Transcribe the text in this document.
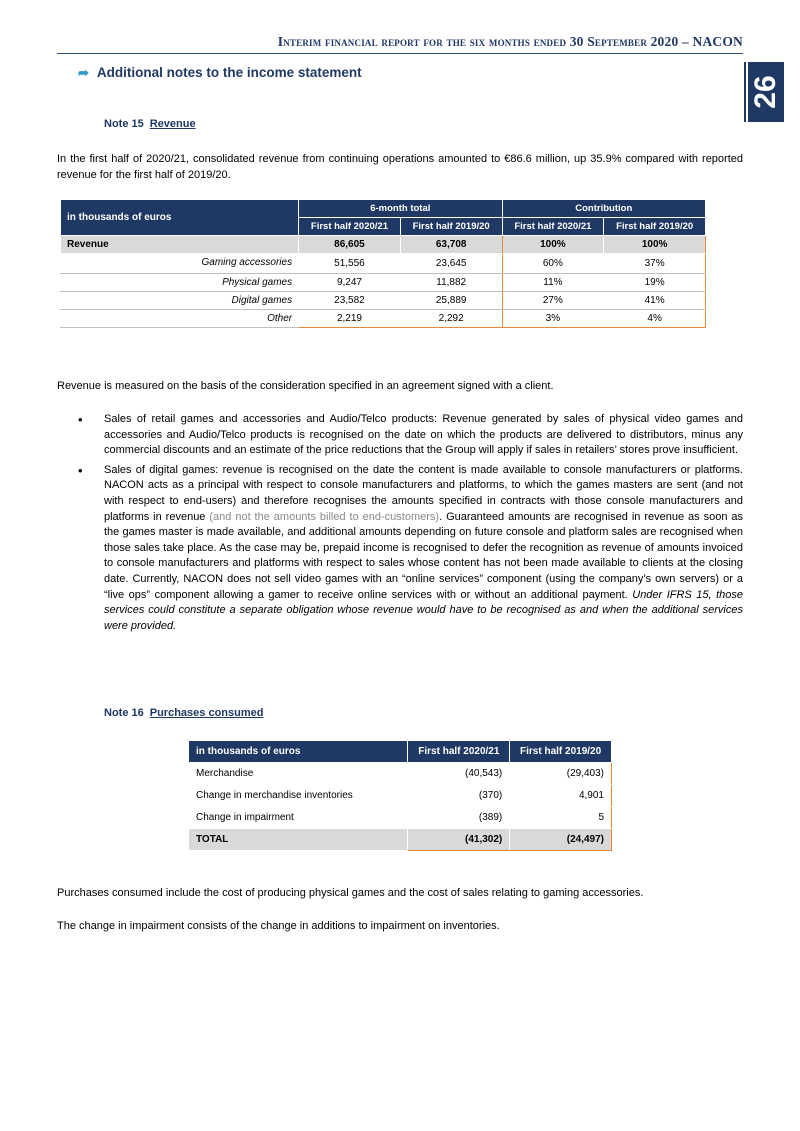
Interim financial report for the six months ended 30 September 2020 – NACON
26
➦ Additional notes to the income statement
Note 15 Revenue
In the first half of 2020/21, consolidated revenue from continuing operations amounted to €86.6 million, up 35.9% compared with reported revenue for the first half of 2019/20.
in thousands of euros	6-month total		Contribution	
	First half 2020/21	First half 2019/20	First half 2020/21	First half 2019/20
Revenue	86,605	63,708	100%	100%
Gaming accessories	51,556	23,645	60%	37%
Physical games	9,247	11,882	11%	19%
Digital games	23,582	25,889	27%	41%
Other	2,219	2,292	3%	4%
Revenue is measured on the basis of the consideration specified in an agreement signed with a client.
•	Sales of retail games and accessories and Audio/Telco products: Revenue generated by sales of physical video games and accessories and Audio/Telco products is recognised on the date on which the products are delivered to distributors, minus any commercial discounts and an estimate of the price reductions that the Group will apply if sales in retailers’ stores prove insufficient.
•	Sales of digital games: revenue is recognised on the date the content is made available to console manufacturers or platforms. NACON acts as a principal with respect to console manufacturers and platforms, to which the games masters are sent (and not with respect to end-users) and therefore recognises the amounts specified in contracts with those console manufacturers and platforms in revenue (and not the amounts billed to end-customers). Guaranteed amounts are recognised in revenue as soon as the games master is made available, and additional amounts depending on future console and platform sales are recognised when those sales take place. As the case may be, prepaid income is recognised to defer the recognition as revenue of amounts invoiced to console manufacturers and platforms with respect to sales whose content has not been made available to clients at the closing date. Currently, NACON does not sell video games with an “online services” component (using the company’s own servers) or a “live ops” component allowing a gamer to receive online services with or without an additional payment. Under IFRS 15, those services could constitute a separate obligation whose revenue would have to be recognised as and when the additional services were provided.
Note 16 Purchases consumed
in thousands of euros	First half 2020/21	First half 2019/20
Merchandise	(40,543)	(29,403)
Change in merchandise inventories	(370)	4,901
Change in impairment	(389)	5
TOTAL	(41,302)	(24,497)
Purchases consumed include the cost of producing physical games and the cost of sales relating to gaming accessories.
The change in impairment consists of the change in additions to impairment on inventories.
